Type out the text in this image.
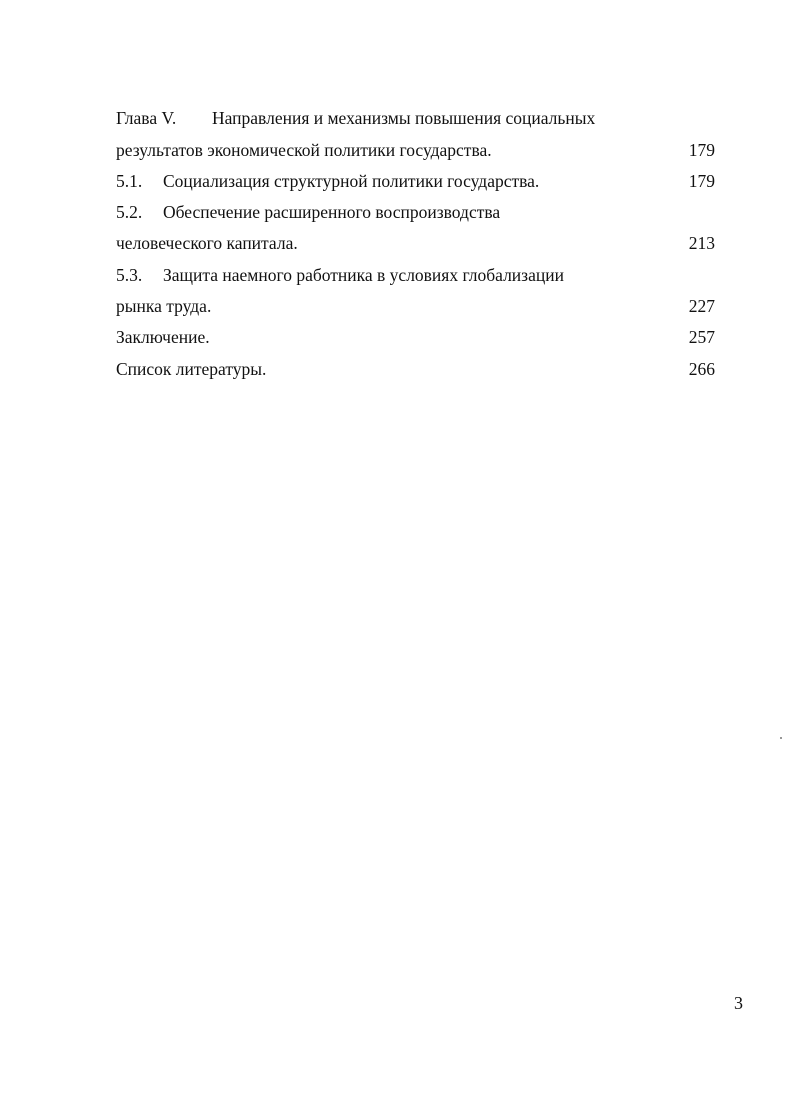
Глава V. Направления и механизмы повышения социальных
результатов экономической политики государства.	179
5.1. Социализация структурной политики государства.	179
5.2. Обеспечение расширенного воспроизводства
человеческого капитала.	213
5.3. Защита наемного работника в условиях глобализации
рынка труда.	227
Заключение.	257
Список литературы.	266
3
